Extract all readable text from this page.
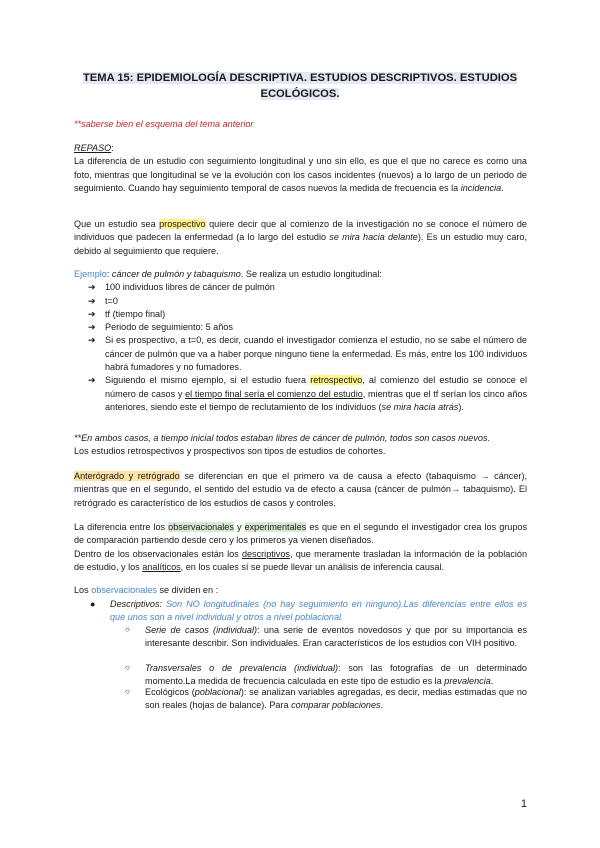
TEMA 15: EPIDEMIOLOGÍA DESCRIPTIVA. ESTUDIOS DESCRIPTIVOS. ESTUDIOS
ECOLÓGICOS.
**saberse bien el esquema del tema anterior

REPASO:

La diferencia de un estudio con seguimiento longitudinal y uno sin ello, es que el que no carece es como una foto, mientras que longitudinal se ve la evolución con los casos incidentes (nuevos) a lo largo de un periodo de seguimiento. Cuando hay seguimiento temporal de casos nuevos la medida de frecuencia es la incidencia.

Que un estudio sea prospectivo quiere decir que al comienzo de la investigación no se conoce el número de individuos que padecen la enfermedad (a lo largo del estudio se mira hacia delante). Es un estudio muy caro, debido al seguimiento que requiere.

Ejemplo: cáncer de pulmón y tabaquismo. Se realiza un estudio longitudinal:

➔ 100 individuos libres de cáncer de pulmón
➔ t=0
➔ tf (tiempo final)
➔ Periodo de seguimiento: 5 años
➔ Si es prospectivo, a t=0, es decir, cuando el investigador comienza el estudio, no se sabe el número de cáncer de pulmón que va a haber porque ninguno tiene la enfermedad. Es más, entre los 100 individuos habrá fumadores y no fumadores.
➔ Siguiendo el mismo ejemplo, si el estudio fuera retrospectivo, al comienzo del estudio se conoce el número de casos y el tiempo final sería el comienzo del estudio, mientras que el tf serían los cinco años anteriores, siendo este el tiempo de reclutamiento de los individuos (se mira hacia atrás).

**En ambos casos, a tiempo inicial todos estaban libres de cáncer de pulmón, todos son casos nuevos.

Los estudios retrospectivos y prospectivos son tipos de estudios de cohortes.

Anterógrado y retrógrado se diferencian en que el primero va de causa a efecto (tabaquismo → cáncer), mientras que en el segundo, el sentido del estudio va de efecto a causa (cáncer de pulmón→ tabaquismo). El retrógrado es característico de los estudios de casos y controles.

La diferencia entre los observacionales y experimentales es que en el segundo el investigador crea los grupos de comparación partiendo desde cero y los primeros ya vienen diseñados.

Dentro de los observacionales están los descriptivos, que meramente trasladan la información de la población de estudio, y los analíticos, en los cuales sí se puede llevar un análisis de inferencia causal.

Los observacionales se dividen en :
● Descriptivos: Son NO longitudinales (no hay seguimiento en ninguno).Las diferencias entre ellos es que unos son a nivel individual y otros a nivel poblacional.
○ Serie de casos (individual): una serie de eventos novedosos y que por su importancia es interesante describir. Son individuales. Eran característicos de los estudios con VIH positivo.
○ Transversales o de prevalencia (individual): son las fotografías de un determinado momento.La medida de frecuencia calculada en este tipo de estudio es la prevalencia.
○ Ecológicos (poblacional): se analizan variables agregadas, es decir, medias estimadas que no son reales (hojas de balance). Para comparar poblaciones.
1
